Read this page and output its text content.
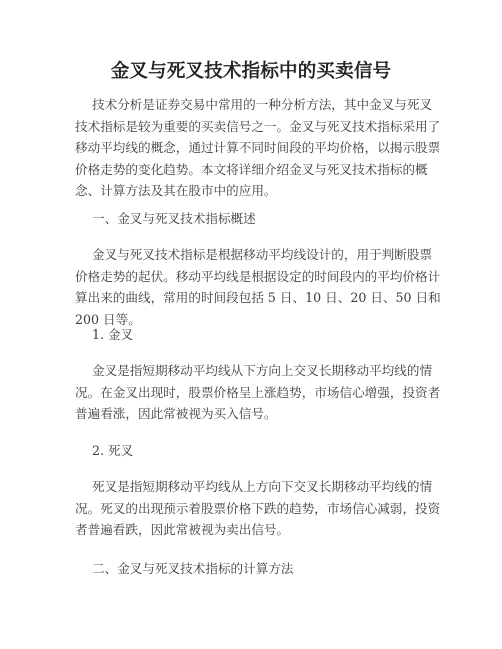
金叉与死叉技术指标中的买卖信号

技术分析是证券交易中常用的一种分析方法，其中金叉与死叉技术指标是较为重要的买卖信号之一。金叉与死叉技术指标采用了移动平均线的概念，通过计算不同时间段的平均价格，以揭示股票价格走势的变化趋势。本文将详细介绍金叉与死叉技术指标的概念、计算方法及其在股市中的应用。

一、金叉与死叉技术指标概述

金叉与死叉技术指标是根据移动平均线设计的，用于判断股票价格走势的起伏。移动平均线是根据设定的时间段内的平均价格计算出来的曲线，常用的时间段包括 5 日、10 日、20 日、50 日和 200 日等。

1. 金叉

金叉是指短期移动平均线从下方向上交叉长期移动平均线的情况。在金叉出现时，股票价格呈上涨趋势，市场信心增强，投资者普遍看涨，因此常被视为买入信号。

2. 死叉

死叉是指短期移动平均线从上方向下交叉长期移动平均线的情况。死叉的出现预示着股票价格下跌的趋势，市场信心减弱，投资者普遍看跌，因此常被视为卖出信号。

二、金叉与死叉技术指标的计算方法
